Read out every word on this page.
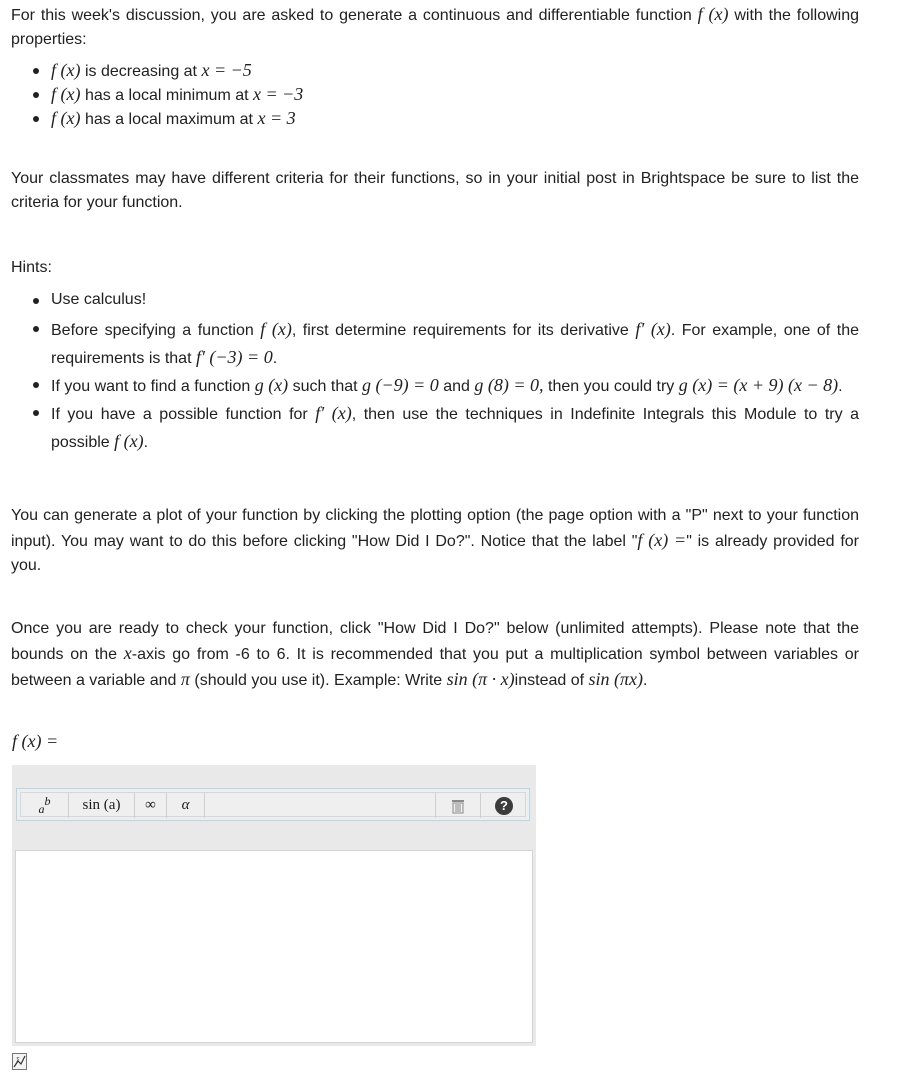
For this week's discussion, you are asked to generate a continuous and differentiable function f (x) with the following properties:

f (x) is decreasing at x = −5
f (x) has a local minimum at x = −3
f (x) has a local maximum at x = 3

Your classmates may have different criteria for their functions, so in your initial post in Brightspace be sure to list the criteria for your function.

Hints:

Use calculus!
Before specifying a function f (x), first determine requirements for its derivative f′ (x). For example, one of the requirements is that f′ (−3) = 0.
If you want to find a function g (x) such that g (−9) = 0 and g (8) = 0, then you could try g (x) = (x + 9) (x − 8).
If you have a possible function for f′ (x), then use the techniques in Indefinite Integrals this Module to try a possible f (x).

You can generate a plot of your function by clicking the plotting option (the page option with a "P" next to your function input). You may want to do this before clicking "How Did I Do?". Notice that the label "f (x) =" is already provided for you.

Once you are ready to check your function, click "How Did I Do?" below (unlimited attempts). Please note that the bounds on the x-axis go from -6 to 6. It is recommended that you put a multiplication symbol between variables or between a variable and π (should you use it). Example: Write sin (π · x)instead of sin (πx).

f (x) =
$_a^b$ sin (a) ∞ α	?
Σ
